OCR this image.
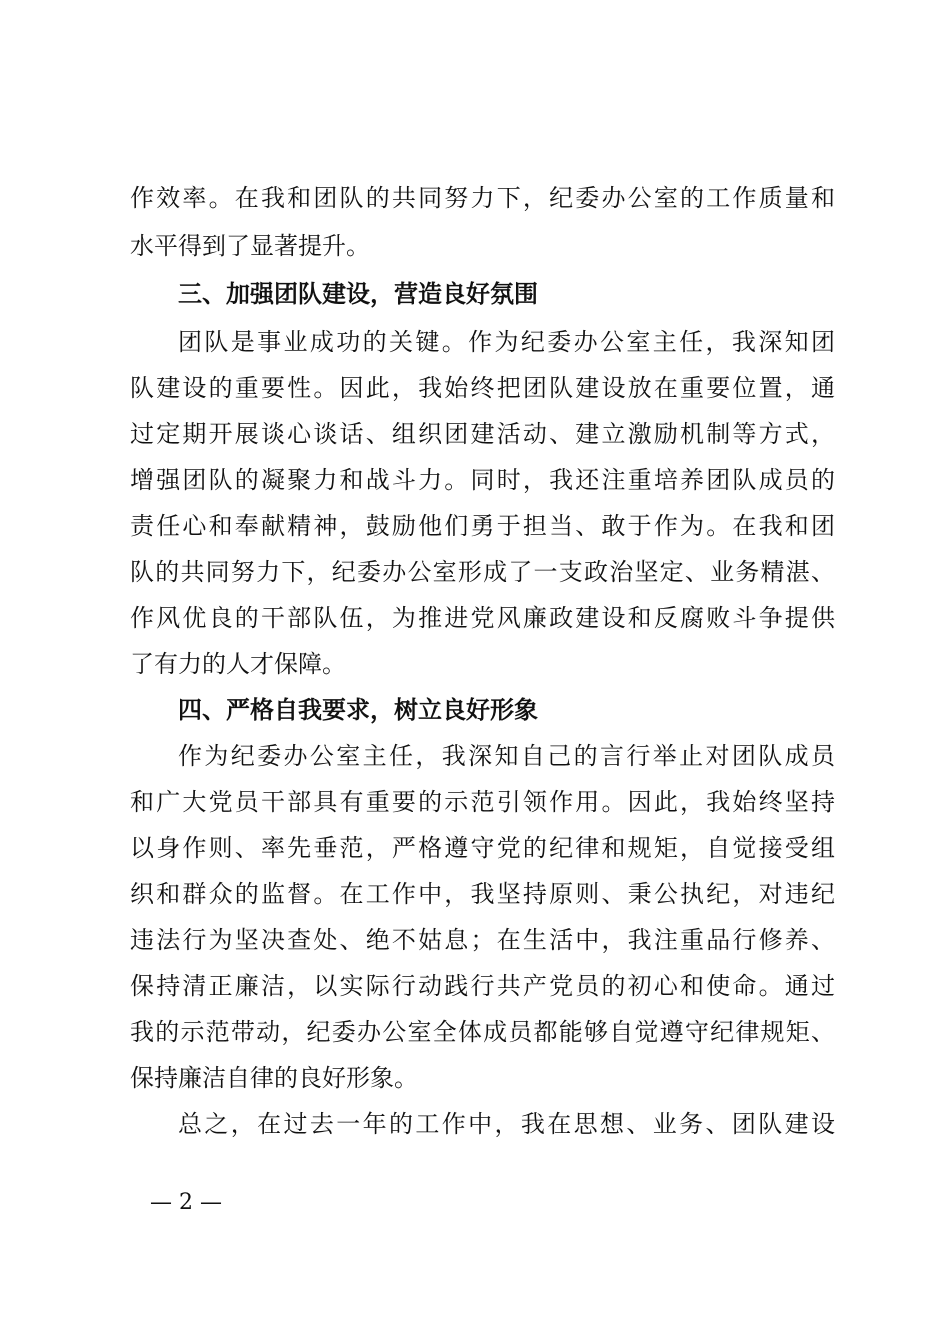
作效率。在我和团队的共同努力下，纪委办公室的工作质量和
水平得到了显著提升。
三、加强团队建设，营造良好氛围
团队是事业成功的关键。作为纪委办公室主任，我深知团
队建设的重要性。因此，我始终把团队建设放在重要位置，通
过定期开展谈心谈话、组织团建活动、建立激励机制等方式，
增强团队的凝聚力和战斗力。同时，我还注重培养团队成员的
责任心和奉献精神，鼓励他们勇于担当、敢于作为。在我和团
队的共同努力下，纪委办公室形成了一支政治坚定、业务精湛、
作风优良的干部队伍，为推进党风廉政建设和反腐败斗争提供
了有力的人才保障。
四、严格自我要求，树立良好形象
作为纪委办公室主任，我深知自己的言行举止对团队成员
和广大党员干部具有重要的示范引领作用。因此，我始终坚持
以身作则、率先垂范，严格遵守党的纪律和规矩，自觉接受组
织和群众的监督。在工作中，我坚持原则、秉公执纪，对违纪
违法行为坚决查处、绝不姑息；在生活中，我注重品行修养、
保持清正廉洁，以实际行动践行共产党员的初心和使命。通过
我的示范带动，纪委办公室全体成员都能够自觉遵守纪律规矩、
保持廉洁自律的良好形象。
总之，在过去一年的工作中，我在思想、业务、团队建设
— 2 —
